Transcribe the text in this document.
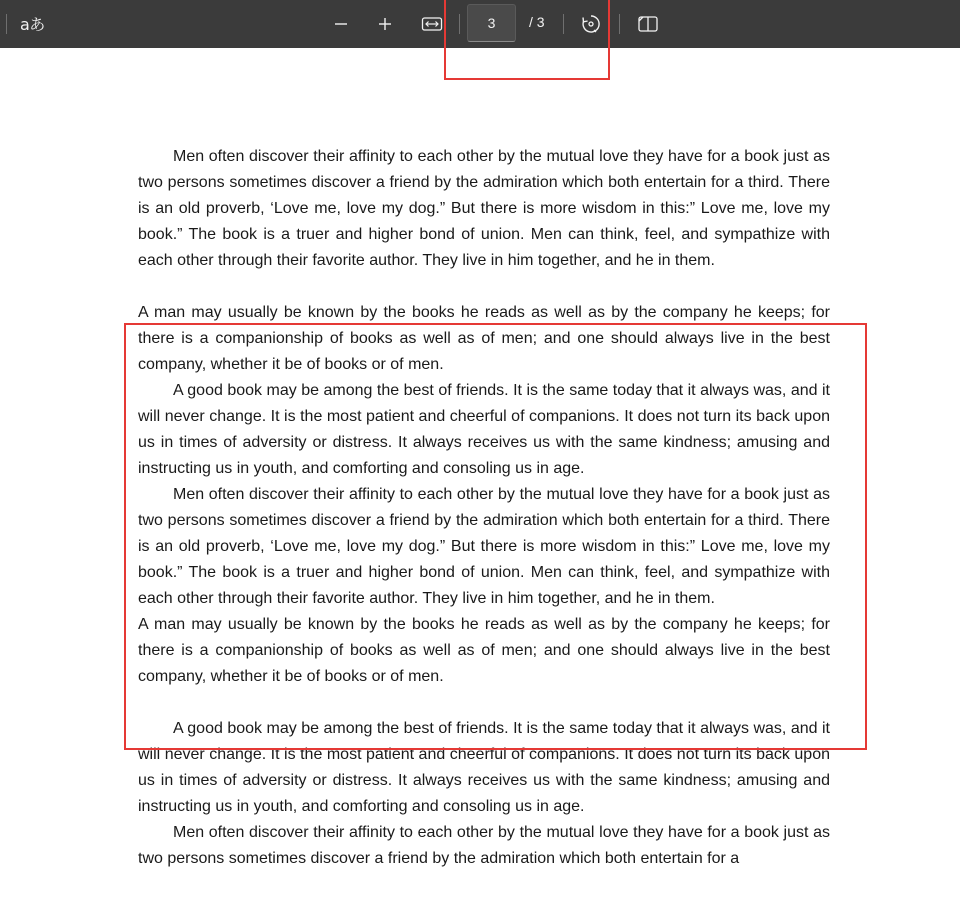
aあ	3	/ 3

Men often discover their affinity to each other by the mutual love they have for a book just as two persons sometimes discover a friend by the admiration which both entertain for a third. There is an old proverb, ‘Love me, love my dog.” But there is more wisdom in this:” Love me, love my book.” The book is a truer and higher bond of union. Men can think, feel, and sympathize with each other through their favorite author. They live in him together, and he in them.

A man may usually be known by the books he reads as well as by the company he keeps; for there is a companionship of books as well as of men; and one should always live in the best company, whether it be of books or of men.

A good book may be among the best of friends. It is the same today that it always was, and it will never change. It is the most patient and cheerful of companions. It does not turn its back upon us in times of adversity or distress. It always receives us with the same kindness; amusing and instructing us in youth, and comforting and consoling us in age.

Men often discover their affinity to each other by the mutual love they have for a book just as two persons sometimes discover a friend by the admiration which both entertain for a third. There is an old proverb, ‘Love me, love my dog.” But there is more wisdom in this:” Love me, love my book.” The book is a truer and higher bond of union. Men can think, feel, and sympathize with each other through their favorite author. They live in him together, and he in them.

A man may usually be known by the books he reads as well as by the company he keeps; for there is a companionship of books as well as of men; and one should always live in the best company, whether it be of books or of men.

A good book may be among the best of friends. It is the same today that it always was, and it will never change. It is the most patient and cheerful of companions. It does not turn its back upon us in times of adversity or distress. It always receives us with the same kindness; amusing and instructing us in youth, and comforting and consoling us in age.

Men often discover their affinity to each other by the mutual love they have for a book just as two persons sometimes discover a friend by the admiration which both entertain for a
